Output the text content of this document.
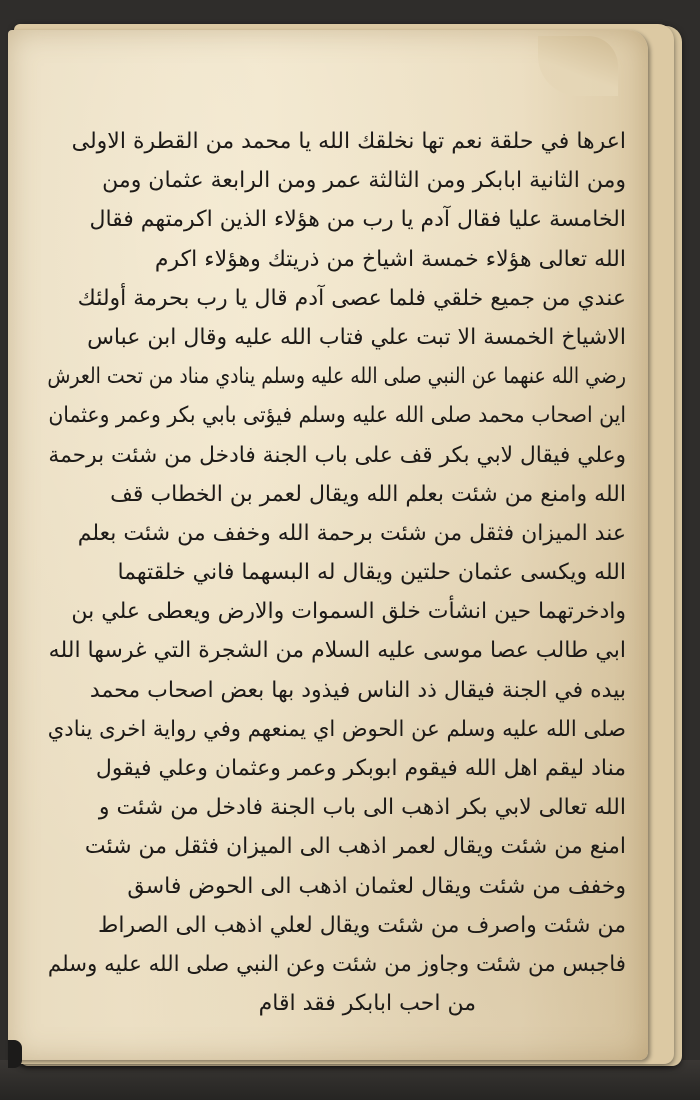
اعرها في حلقة نعم تها نخلقك الله يا محمد من القطرة الاولى
ومن الثانية ابابكر ومن الثالثة عمر ومن الرابعة عثمان ومن
الخامسة عليا فقال آدم يا رب من هؤلاء الذين اكرمتهم فقال
الله تعالى هؤلاء خمسة اشياخ من ذريتك وهؤلاء اكرم
عندي من جميع خلقي فلما عصى آدم قال يا رب بحرمة أولئك
الاشياخ الخمسة الا تبت علي فتاب الله عليه وقال ابن عباس
رضي الله عنهما عن النبي صلى الله عليه وسلم ينادي مناد من تحت العرش
اين اصحاب محمد صلى الله عليه وسلم فيؤتى بابي بكر وعمر وعثمان
وعلي فيقال لابي بكر قف على باب الجنة فادخل من شئت برحمة
الله وامنع من شئت بعلم الله ويقال لعمر بن الخطاب قف
عند الميزان فثقل من شئت برحمة الله وخفف من شئت بعلم
الله ويكسى عثمان حلتين ويقال له البسهما فاني خلقتهما
وادخرتهما حين انشأت خلق السموات والارض ويعطى علي بن
ابي طالب عصا موسى عليه السلام من الشجرة التي غرسها الله
بيده في الجنة فيقال ذد الناس فيذود بها بعض اصحاب محمد
صلى الله عليه وسلم عن الحوض اي يمنعهم وفي رواية اخرى ينادي
مناد ليقم اهل الله فيقوم ابوبكر وعمر وعثمان وعلي فيقول
الله تعالى لابي بكر اذهب الى باب الجنة فادخل من شئت و
امنع من شئت ويقال لعمر اذهب الى الميزان فثقل من شئت
وخفف من شئت ويقال لعثمان اذهب الى الحوض فاسق
من شئت واصرف من شئت ويقال لعلي اذهب الى الصراط
فاجبس من شئت وجاوز من شئت وعن النبي صلى الله عليه وسلم
من احب ابابكر فقد اقام
